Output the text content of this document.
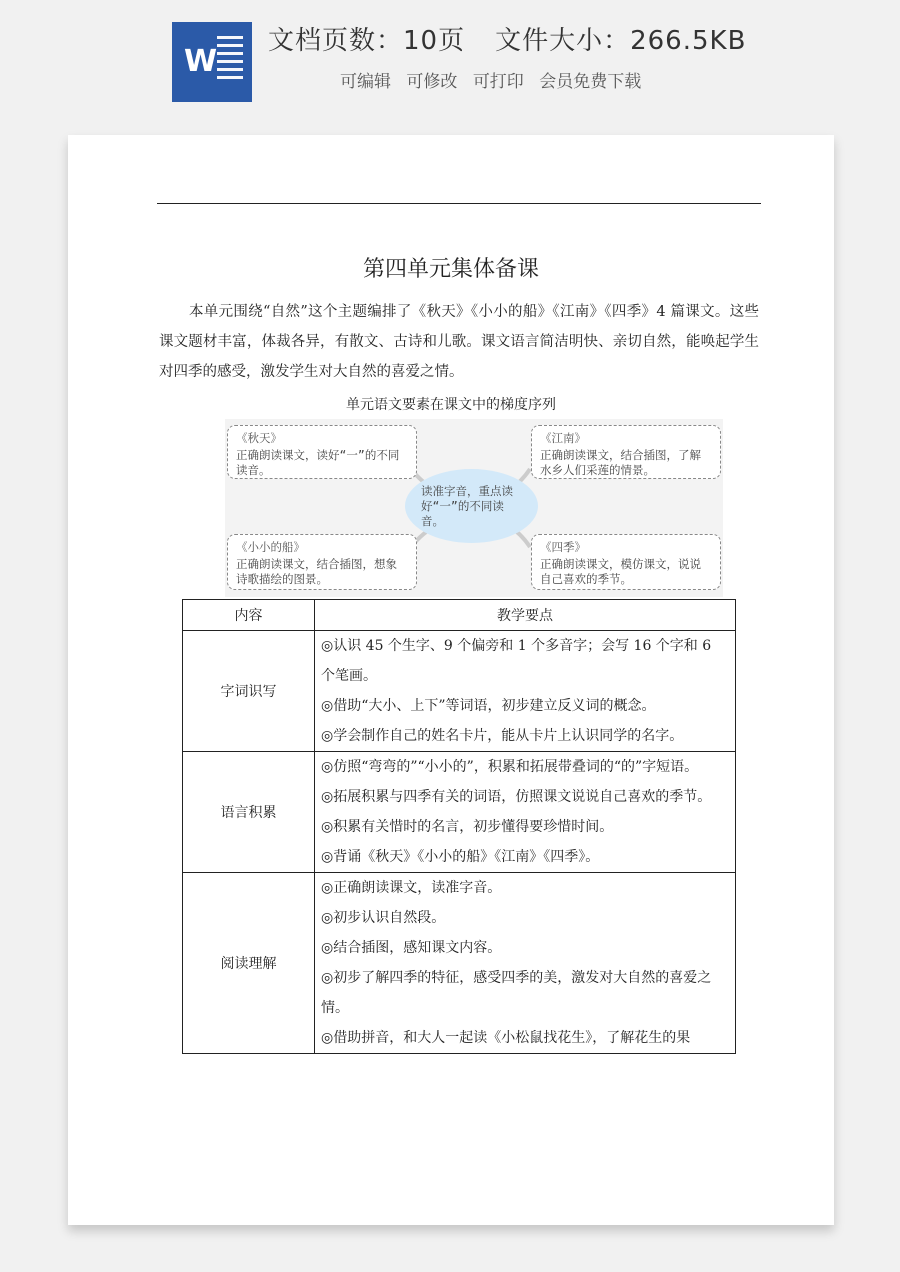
W
文档页数：10页 文件大小：266.5KB
可编辑 可修改 可打印 会员免费下载
第四单元集体备课
本单元围绕“自然”这个主题编排了《秋天》《小小的船》《江南》《四季》4 篇课文。这些课文题材丰富，体裁各异，有散文、古诗和儿歌。课文语言简洁明快、亲切自然，能唤起学生对四季的感受，激发学生对大自然的喜爱之情。
单元语文要素在课文中的梯度序列
读准字音，重点读好“一”的不同读音。
《秋天》
正确朗读课文，读好“一”的不同读音。
《江南》
正确朗读课文，结合插图，了解水乡人们采莲的情景。
《小小的船》
正确朗读课文，结合插图，想象诗歌描绘的图景。
《四季》
正确朗读课文，模仿课文，说说自己喜欢的季节。
内容	教学要点
字词识写	◎认识 45 个生字、9 个偏旁和 1 个多音字；会写 16 个字和 6 个笔画。
◎借助“大小、上下”等词语，初步建立反义词的概念。
◎学会制作自己的姓名卡片，能从卡片上认识同学的名字。

语言积累	◎仿照“弯弯的”“小小的”，积累和拓展带叠词的“的”字短语。
◎拓展积累与四季有关的词语，仿照课文说说自己喜欢的季节。
◎积累有关惜时的名言，初步懂得要珍惜时间。
◎背诵《秋天》《小小的船》《江南》《四季》。

阅读理解	◎正确朗读课文，读准字音。
◎初步认识自然段。
◎结合插图，感知课文内容。
◎初步了解四季的特征，感受四季的美，激发对大自然的喜爱之情。
◎借助拼音，和大人一起读《小松鼠找花生》，了解花生的果
